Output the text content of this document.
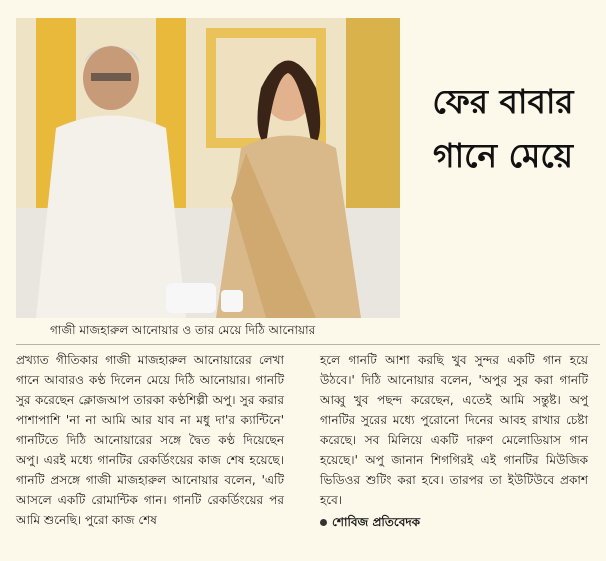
গাজী মাজহারুল আনোয়ার ও তার মেয়ে দিঠি আনোয়ার
ফের বাবার
গানে মেয়ে
প্রখ্যাত গীতিকার গাজী মাজহারুল আনোয়ারের লেখা গানে আবারও কণ্ঠ দিলেন মেয়ে দিঠি আনোয়ার। গানটি সুর করেছেন ক্লোজআপ তারকা কণ্ঠশিল্পী অপু। সুর করার পাশাপাশি 'না না আমি আর যাব না মধু দা'র ক্যান্টিনে' গানটিতে দিঠি আনোয়ারের সঙ্গে দ্বৈত কণ্ঠ দিয়েছেন অপু। এরই মধ্যে গানটির রেকর্ডিংয়ের কাজ শেষ হয়েছে। গানটি প্রসঙ্গে গাজী মাজহারুল আনোয়ার বলেন, 'এটি আসলে একটি রোমান্টিক গান। গানটি রেকর্ডিংয়ের পর আমি শুনেছি। পুরো কাজ শেষ
হলে গানটি আশা করছি খুব সুন্দর একটি গান হয়ে উঠবে।' দিঠি আনোয়ার বলেন, 'অপুর সুর করা গানটি আব্বু খুব পছন্দ করেছেন, এতেই আমি সন্তুষ্ট। অপু গানটির সুরের মধ্যে পুরোনো দিনের আবহ রাখার চেষ্টা করেছে। সব মিলিয়ে একটি দারুণ মেলোডিয়াস গান হয়েছে।' অপু জানান শিগগিরই এই গানটির মিউজিক ভিডিওর শুটিং করা হবে। তারপর তা ইউটিউবে প্রকাশ হবে।
শোবিজ প্রতিবেদক
